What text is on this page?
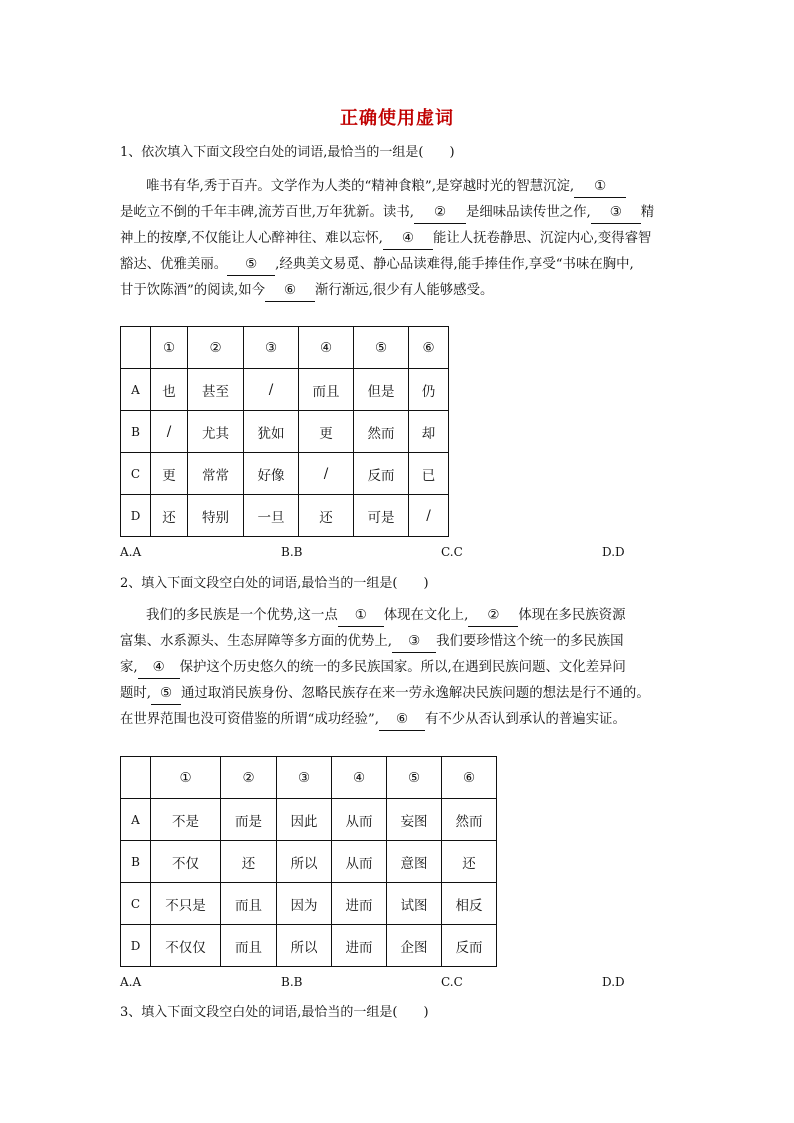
正确使用虚词
1、依次填入下面文段空白处的词语,最恰当的一组是(　　)
唯书有华,秀于百卉。文学作为人类的“精神食粮”,是穿越时光的智慧沉淀, ①
是屹立不倒的千年丰碑,流芳百世,万年犹新。读书, ② 是细味品读传世之作, ③ 精
神上的按摩,不仅能让人心醉神往、难以忘怀, ④ 能让人抚卷静思、沉淀内心,变得睿智
豁达、优雅美丽。 ⑤ ,经典美文易觅、静心品读难得,能手捧佳作,享受“书味在胸中,
甘于饮陈酒”的阅读,如今 ⑥ 渐行渐远,很少有人能够感受。
	①	②	③	④	⑤	⑥
A	也	甚至	/	而且	但是	仍
B	/	尤其	犹如	更	然而	却
C	更	常常	好像	/	反而	已
D	还	特别	一旦	还	可是	/
A.A	B.B	C.C	D.D
2、填入下面文段空白处的词语,最恰当的一组是(　　)
我们的多民族是一个优势,这一点 ① 体现在文化上, ② 体现在多民族资源
富集、水系源头、生态屏障等多方面的优势上, ③ 我们要珍惜这个统一的多民族国
家, ④ 保护这个历史悠久的统一的多民族国家。所以,在遇到民族问题、文化差异问
题时, ⑤ 通过取消民族身份、忽略民族存在来一劳永逸解决民族问题的想法是行不通的。
在世界范围也没可资借鉴的所谓“成功经验”, ⑥ 有不少从否认到承认的普遍实证。
	①	②	③	④	⑤	⑥
A	不是	而是	因此	从而	妄图	然而
B	不仅	还	所以	从而	意图	还
C	不只是	而且	因为	进而	试图	相反
D	不仅仅	而且	所以	进而	企图	反而
A.A	B.B	C.C	D.D
3、填入下面文段空白处的词语,最恰当的一组是(　　)
